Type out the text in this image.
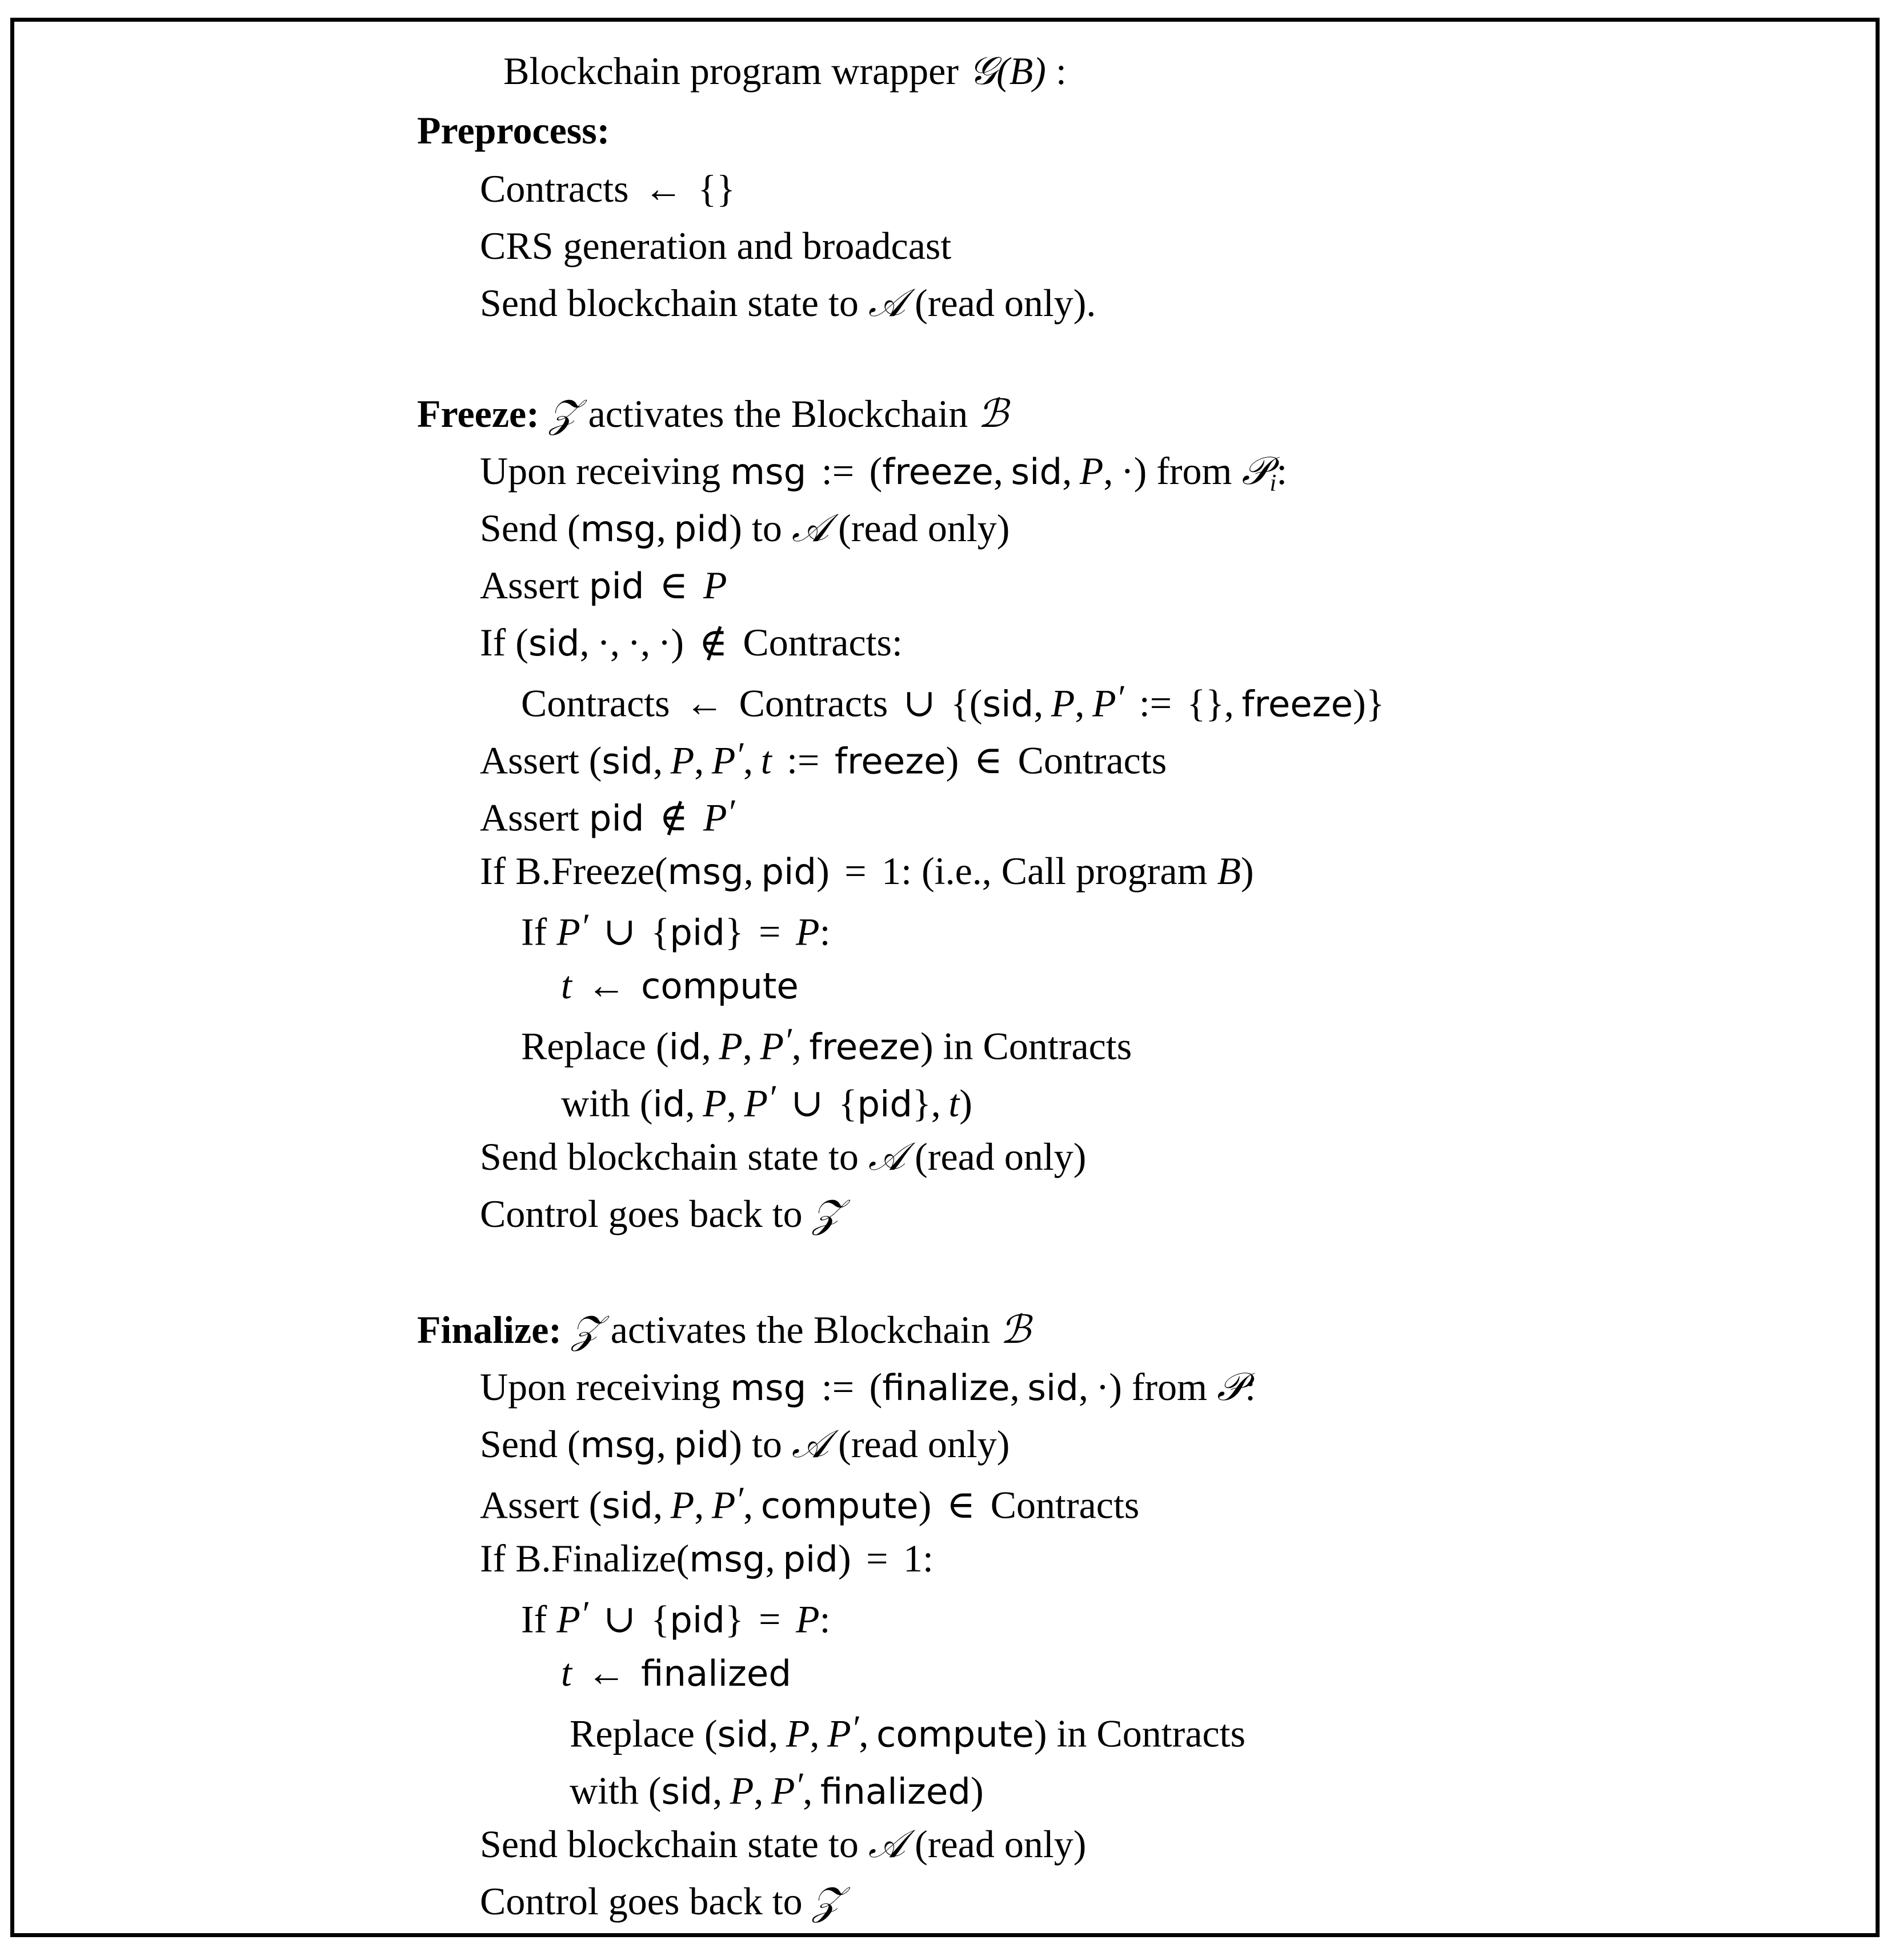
Blockchain program wrapper 𝒢(B) :
Preprocess:
Contracts ← {}
CRS generation and broadcast
Send blockchain state to 𝒜 (read only).
Freeze: 𝒵 activates the Blockchain ℬ
Upon receiving msg := (freeze, sid, P, ·) from 𝒫$_i$:
Send (msg, pid) to 𝒜 (read only)
Assert pid ∈ P
If (sid, ·, ·, ·) ∉ Contracts:
Contracts ← Contracts ∪ {(sid, P, P′ := {}, freeze)}
Assert (sid, P, P′, t := freeze) ∈ Contracts
Assert pid ∉ P′
If B.Freeze(msg, pid) = 1: (i.e., Call program B)
If P′ ∪ {pid} = P:
t ← compute
Replace (id, P, P′, freeze) in Contracts
with (id, P, P′ ∪ {pid}, t)
Send blockchain state to 𝒜 (read only)
Control goes back to 𝒵
Finalize: 𝒵 activates the Blockchain ℬ
Upon receiving msg := (finalize, sid, ·) from 𝒫:
Send (msg, pid) to 𝒜 (read only)
Assert (sid, P, P′, compute) ∈ Contracts
If B.Finalize(msg, pid) = 1:
If P′ ∪ {pid} = P:
t ← finalized
Replace (sid, P, P′, compute) in Contracts
with (sid, P, P′, finalized)
Send blockchain state to 𝒜 (read only)
Control goes back to 𝒵
